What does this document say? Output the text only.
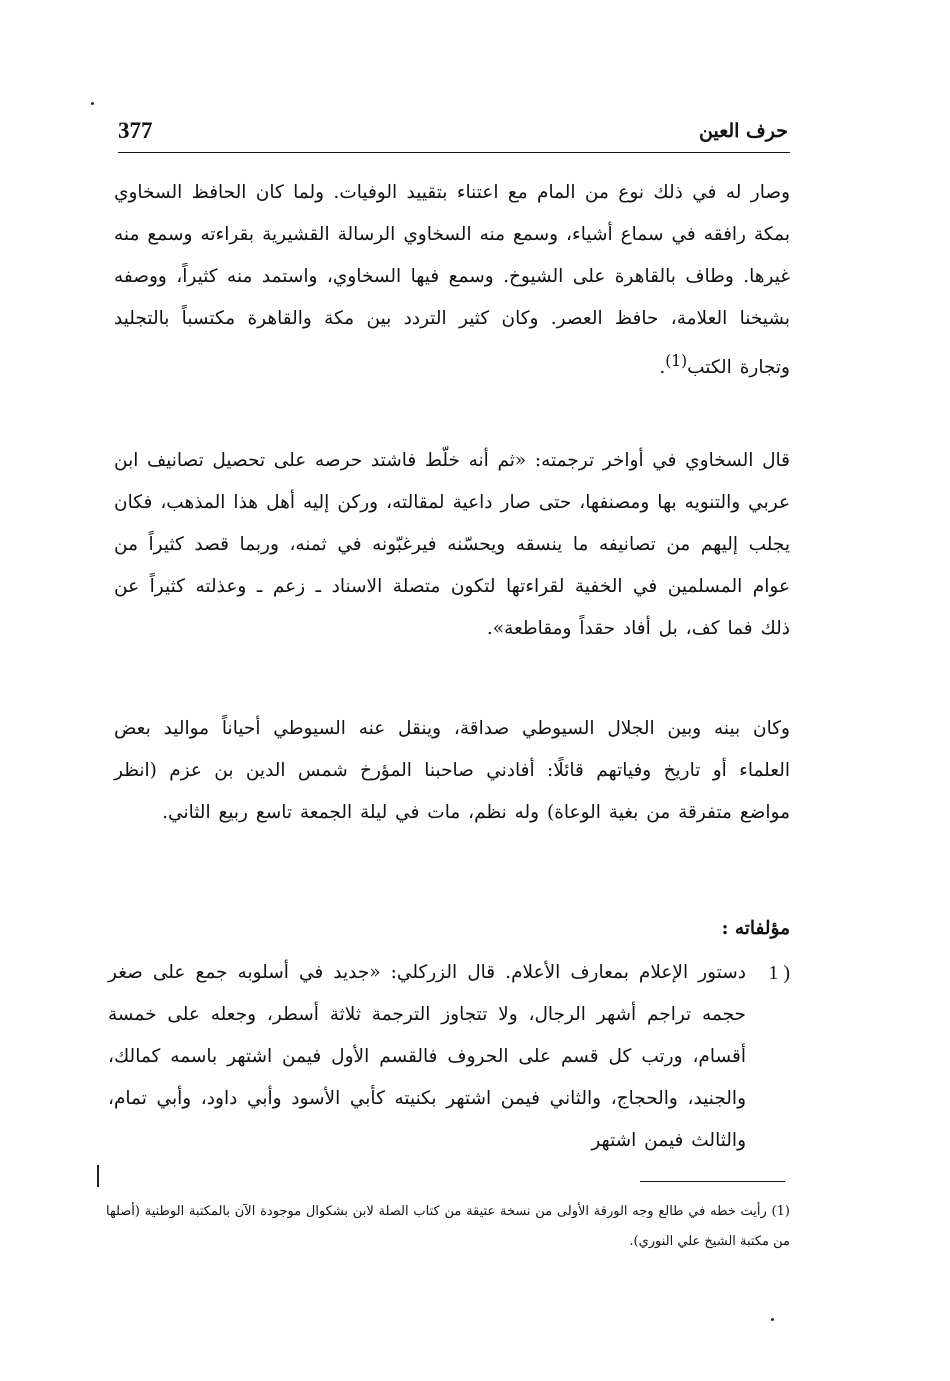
حرف العين
377
وصار له في ذلك نوع من المام مع اعتناء بتقييد الوفيات. ولما كان الحافظ السخاوي بمكة رافقه في سماع أشياء، وسمع منه السخاوي الرسالة القشيرية بقراءته وسمع منه غيرها. وطاف بالقاهرة على الشيوخ. وسمع فيها السخاوي، واستمد منه كثيراً، ووصفه بشيخنا العلامة، حافظ العصر. وكان كثير التردد بين مكة والقاهرة مكتسباً بالتجليد وتجارة الكتب$^{(1)}$.
قال السخاوي في أواخر ترجمته: «ثم أنه خلّط فاشتد حرصه على تحصيل تصانيف ابن عربي والتنويه بها ومصنفها، حتى صار داعية لمقالته، وركن إليه أهل هذا المذهب، فكان يجلب إليهم من تصانيفه ما ينسقه ويحسّنه فيرغبّونه في ثمنه، وربما قصد كثيراً من عوام المسلمين في الخفية لقراءتها لتكون متصلة الاسناد ـ زعم ـ وعذلته كثيراً عن ذلك فما كف، بل أفاد حقداً ومقاطعة».
وكان بينه وبين الجلال السيوطي صداقة، وينقل عنه السيوطي أحياناً مواليد بعض العلماء أو تاريخ وفياتهم قائلًا: أفادني صاحبنا المؤرخ شمس الدين بن عزم (انظر مواضع متفرقة من بغية الوعاة) وله نظم، مات في ليلة الجمعة تاسع ربيع الثاني.
مؤلفاته :
1 )
دستور الإعلام بمعارف الأعلام. قال الزركلي: «جديد في أسلوبه جمع على صغر حجمه تراجم أشهر الرجال، ولا تتجاوز الترجمة ثلاثة أسطر، وجعله على خمسة أقسام، ورتب كل قسم على الحروف فالقسم الأول فيمن اشتهر باسمه كمالك، والجنيد، والحجاج، والثاني فيمن اشتهر بكنيته كأبي الأسود وأبي داود، وأبي تمام، والثالث فيمن اشتهر
(1) رأيت خطه في طالع وجه الورقة الأولى من نسخة عتيقة من كتاب الصلة لابن بشكوال موجودة الآن بالمكتبة الوطنية (أصلها من مكتبة الشيخ علي النوري).
